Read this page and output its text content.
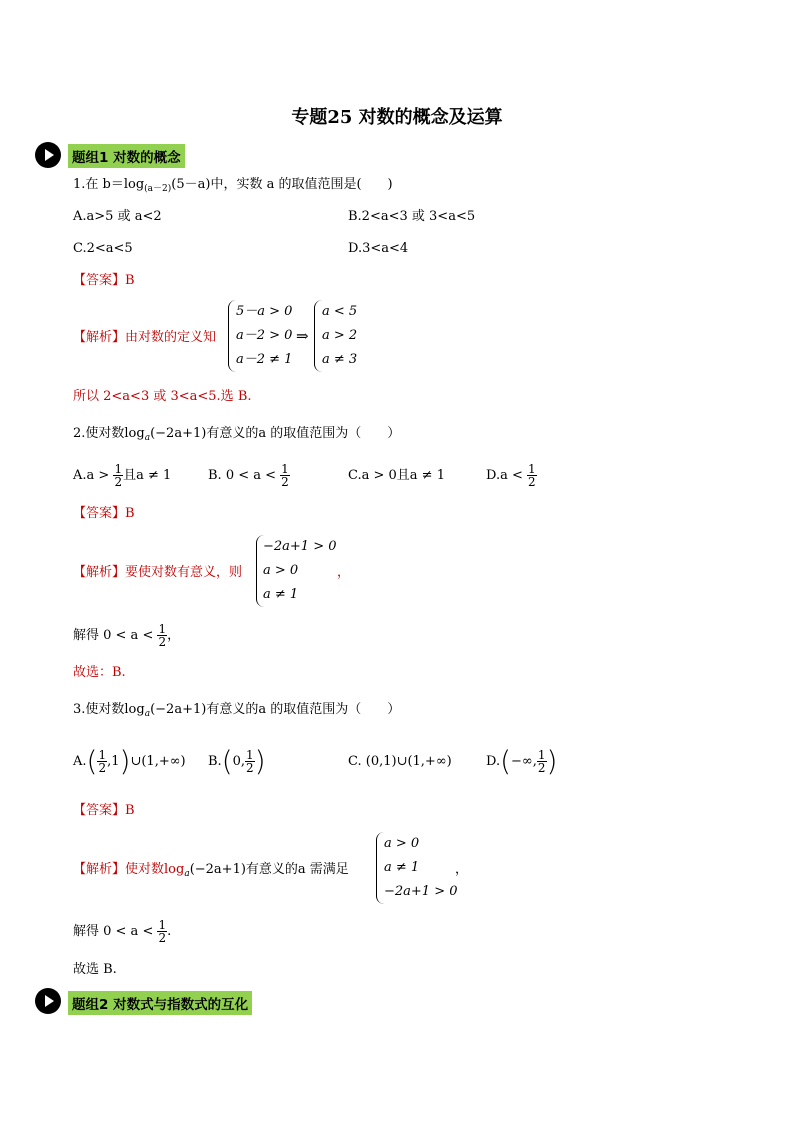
专题25 对数的概念及运算
题组1 对数的概念
1.在 $b=\log_{(a-2)}(5-a)$中，实数 a 的取值范围是(　　)
A.a>5 或 a<2	B.2<a<3 或 3<a<5
C.2<a<5	D.3<a<4
【答案】B
【解析】由对数的定义知
5－a > 0
a－2 > 0
a－2 ≠ 1
⇒
a < 5
a > 2
a ≠ 3
所以 2<a<3 或 3<a<5.选 B.
2.使对数$\log_a(-2a+1)$有意义的a 的取值范围为（　　）
$A.a > \frac{1}{2}$ 且a ≠ 1	B. $0 < a < \frac{1}{2}$	C.a > 0且a ≠ 1	$D.a < \frac{1}{2}$
【答案】B
【解析】要使对数有意义，则
−2a+1 > 0
a > 0
a ≠ 1
，
解得 $0 < a < \frac{1}{2}$ ，
故选：B.
3.使对数$\log_a(-2a+1)$有意义的a 的取值范围为（　　）
$A.( \frac{1}{2}$ ,1)∪(1,+∞) B.(0, $\frac{1}{2}$ )	C. (0,1)∪(1,+∞)	D.(−∞, $\frac{1}{2}$ )
【答案】B
【解析】使对数$\log_a(-2a+1)$有意义的a 需满足
a > 0
a ≠ 1
−2a+1 > 0
，
解得 $0 < a < \frac{1}{2}$ .
故选 B.
题组2 对数式与指数式的互化
